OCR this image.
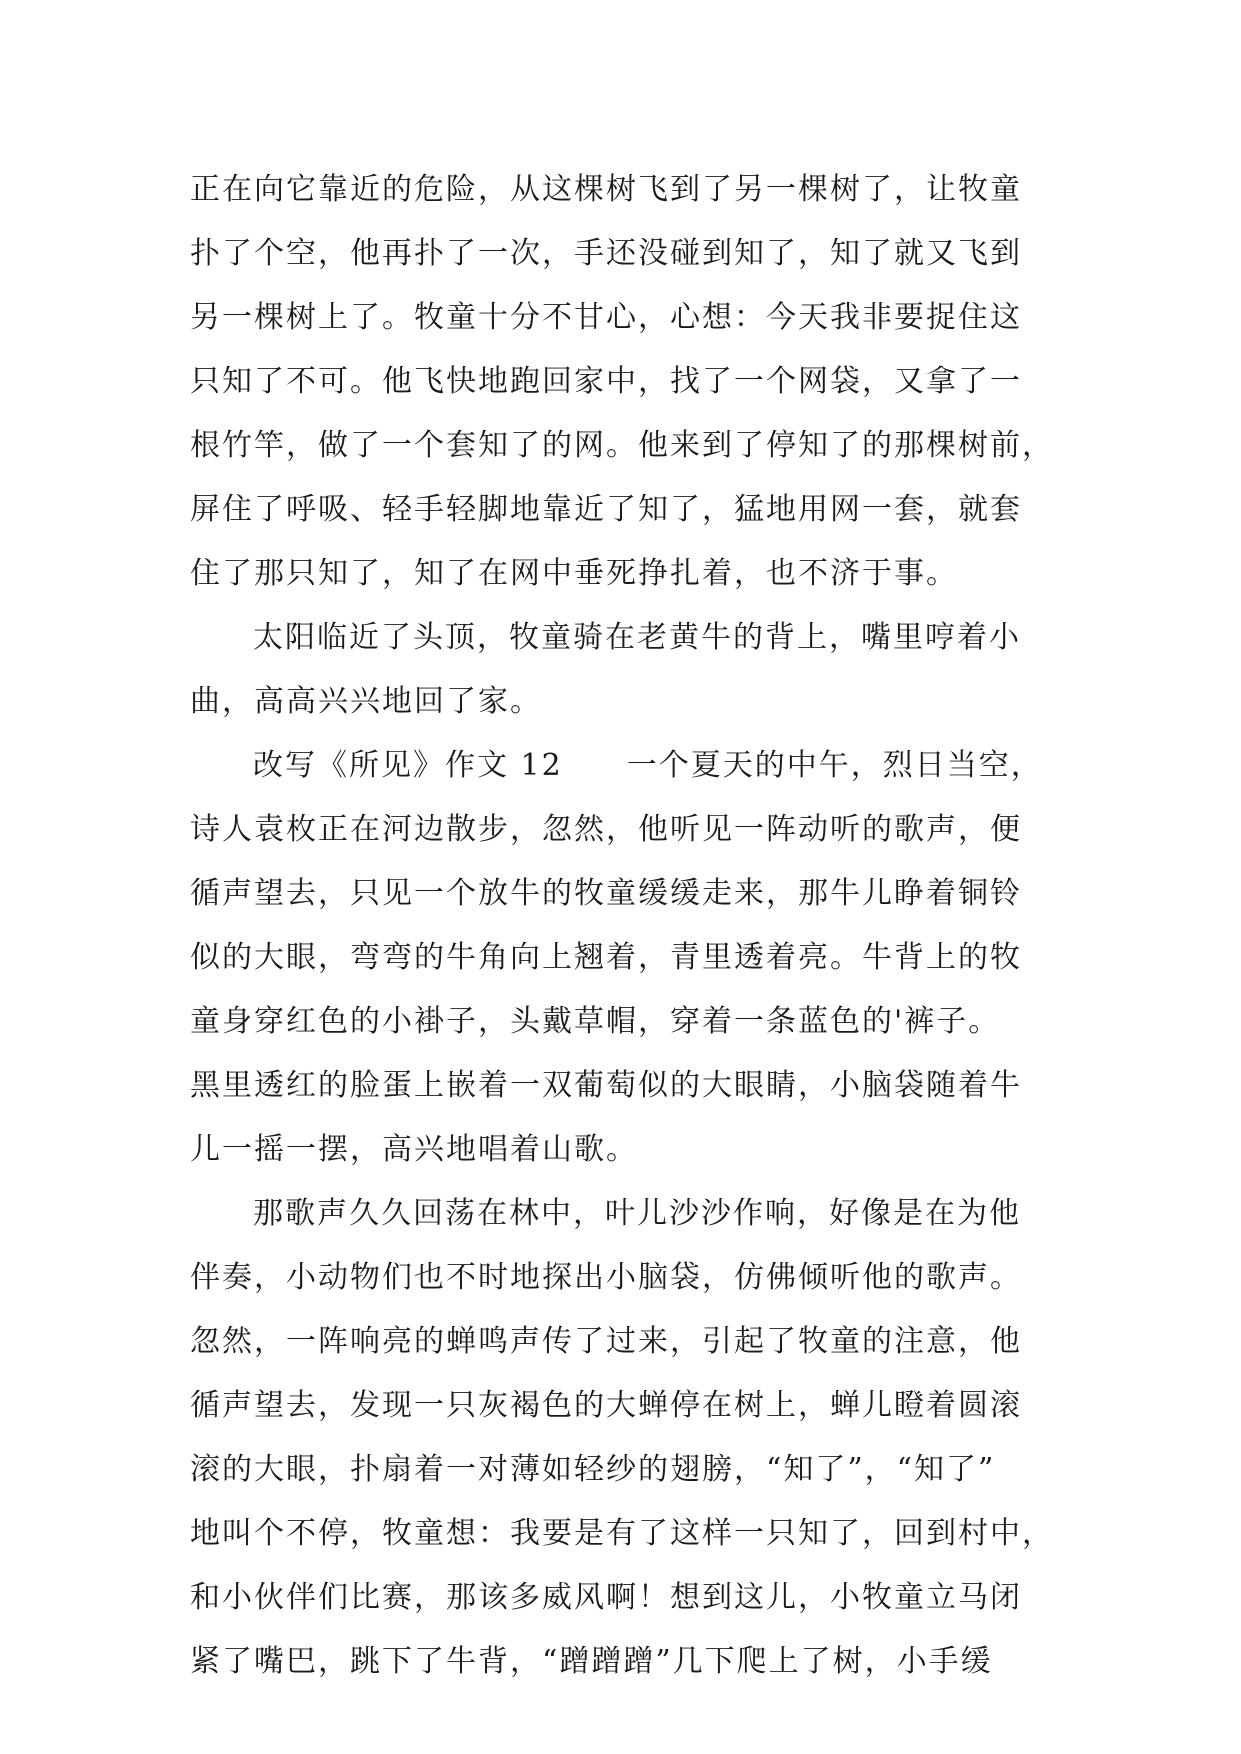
正在向它靠近的危险，从这棵树飞到了另一棵树了，让牧童
扑了个空，他再扑了一次，手还没碰到知了，知了就又飞到
另一棵树上了。牧童十分不甘心，心想：今天我非要捉住这
只知了不可。他飞快地跑回家中，找了一个网袋，又拿了一
根竹竿，做了一个套知了的网。他来到了停知了的那棵树前，
屏住了呼吸、轻手轻脚地靠近了知了，猛地用网一套，就套
住了那只知了，知了在网中垂死挣扎着，也不济于事。
太阳临近了头顶，牧童骑在老黄牛的背上，嘴里哼着小
曲，高高兴兴地回了家。
改写《所见》作文 12　　一个夏天的中午，烈日当空，
诗人袁枚正在河边散步，忽然，他听见一阵动听的歌声，便
循声望去，只见一个放牛的牧童缓缓走来，那牛儿睁着铜铃
似的大眼，弯弯的牛角向上翘着，青里透着亮。牛背上的牧
童身穿红色的小褂子，头戴草帽，穿着一条蓝色的'裤子。
黑里透红的脸蛋上嵌着一双葡萄似的大眼睛，小脑袋随着牛
儿一摇一摆，高兴地唱着山歌。
那歌声久久回荡在林中，叶儿沙沙作响，好像是在为他
伴奏，小动物们也不时地探出小脑袋，仿佛倾听他的歌声。
忽然，一阵响亮的蝉鸣声传了过来，引起了牧童的注意，他
循声望去，发现一只灰褐色的大蝉停在树上，蝉儿瞪着圆滚
滚的大眼，扑扇着一对薄如轻纱的翅膀，“知了”，“知了”
地叫个不停，牧童想：我要是有了这样一只知了，回到村中，
和小伙伴们比赛，那该多威风啊！想到这儿，小牧童立马闭
紧了嘴巴，跳下了牛背，“蹭蹭蹭”几下爬上了树，小手缓
